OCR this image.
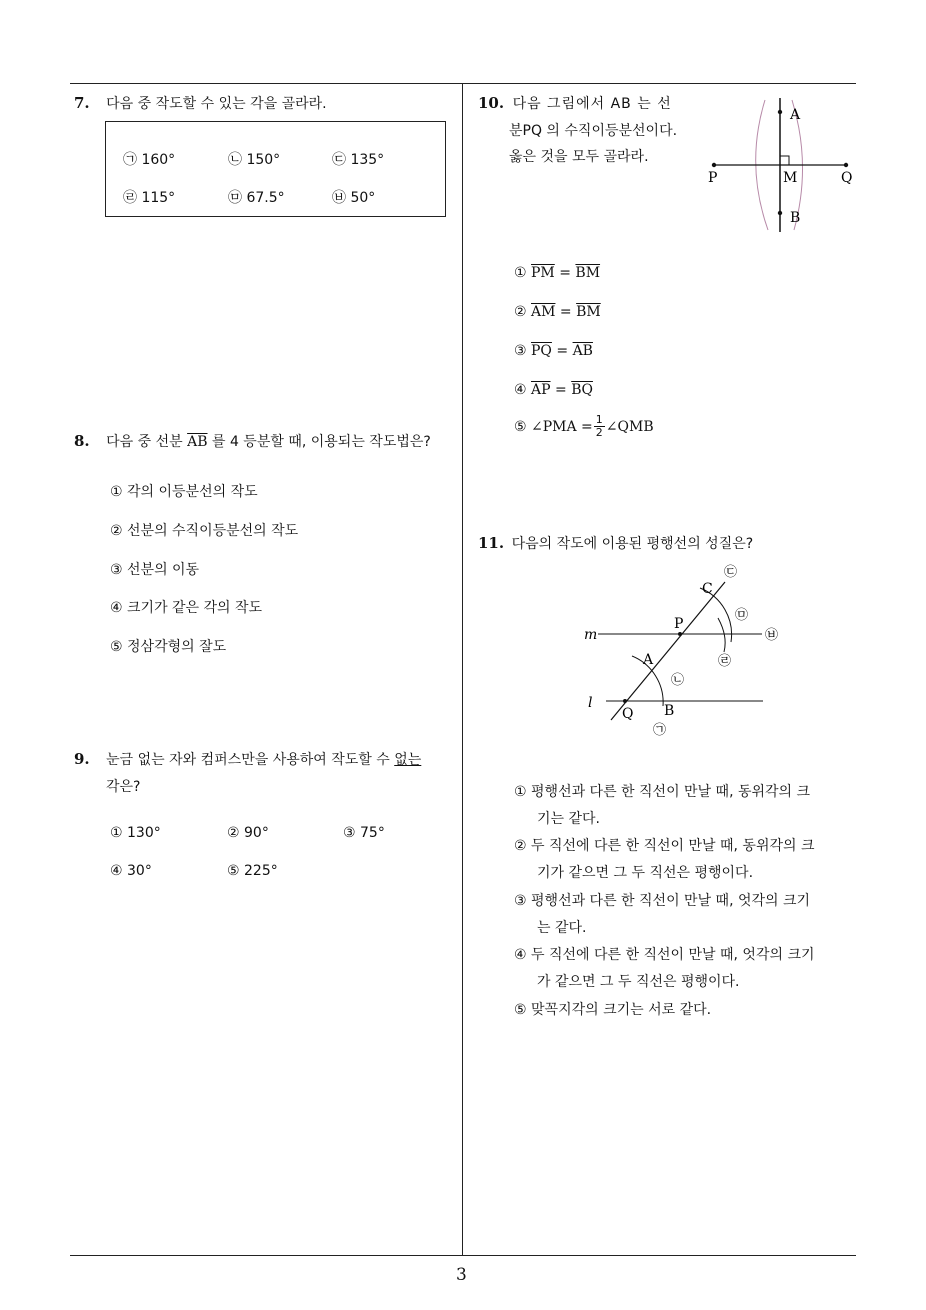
7. 다음 중 작도할 수 있는 각을 골라라.
㉠ 160°	㉡ 150°	㉢ 135°
㉣ 115°	㉤ 67.5°	㉥ 50°
8. 다음 중 선분 $\overline{AB}$ 를 4 등분할 때, 이용되는 작도법은?
① 각의 이등분선의 작도
② 선분의 수직이등분선의 작도
③ 선분의 이동
④ 크기가 같은 각의 작도
⑤ 정삼각형의 잘도
9. 눈금 없는 자와 컴퍼스만을 사용하여 작도할 수 없는
각은?
① 130°	② 90°	③ 75°
④ 30°	⑤ 225°
10. 다음 그림에서 AB 는 선
분PQ 의 수직이등분선이다.
옳은 것을 모두 골라라.
A
B
P	Q
M
① $\overline{PM} = \overline{BM}$
② $\overline{AM} = \overline{BM}$
③ $\overline{PQ} = \overline{AB}$
④ $\overline{AP} = \overline{BQ}$
⑤
∠PMA = $\frac{1}{2}$ ∠QMB
11. 다음의 작도에 이용된 평행선의 성질은?
m
l
P
Q
A
B
C
㉠
㉡
㉢
㉣
㉤
㉥
① 평행선과 다른 한 직선이 만날 때, 동위각의 크
기는 같다.
② 두 직선에 다른 한 직선이 만날 때, 동위각의 크
기가 같으면 그 두 직선은 평행이다.
③ 평행선과 다른 한 직선이 만날 때, 엇각의 크기
는 같다.
④ 두 직선에 다른 한 직선이 만날 때, 엇각의 크기
가 같으면 그 두 직선은 평행이다.
⑤ 맞꼭지각의 크기는 서로 같다.
3
